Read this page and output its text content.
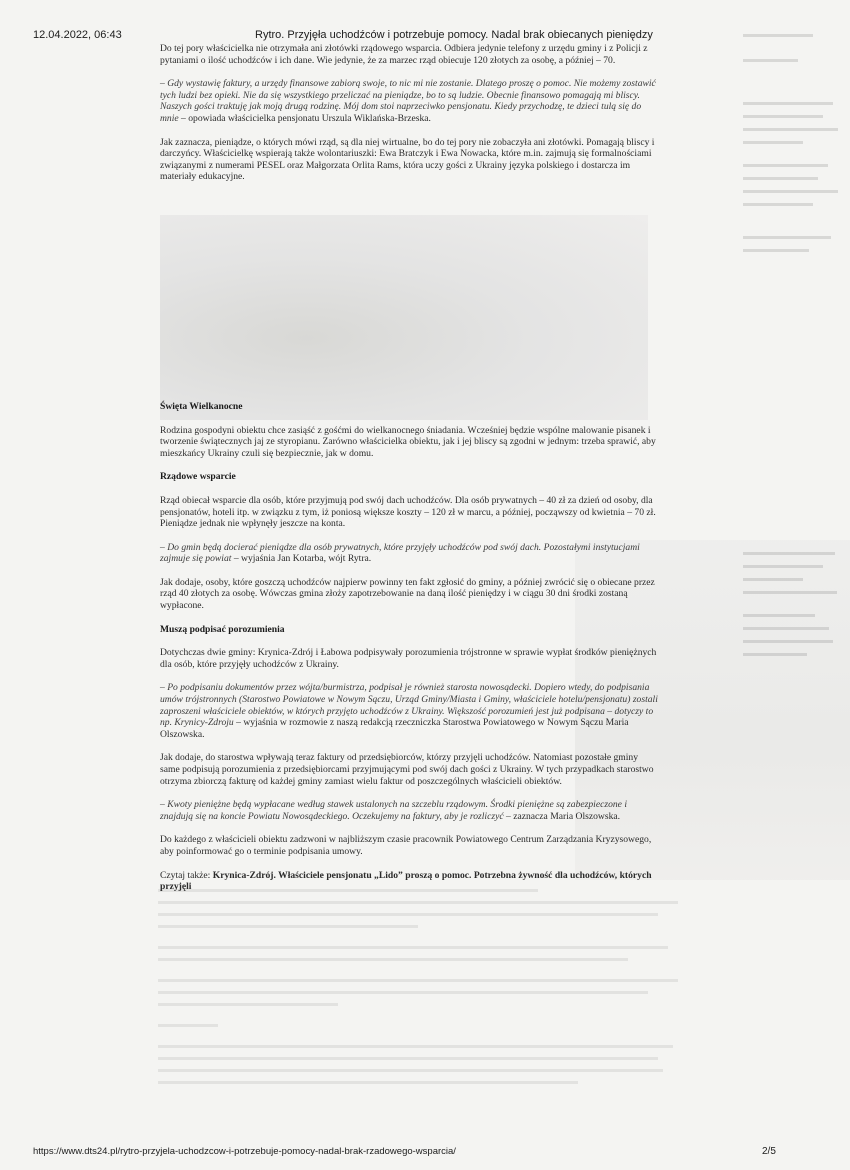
12.04.2022, 06:43	Rytro. Przyjęła uchodźców i potrzebuje pomocy. Nadal brak obiecanych pieniędzy

Do tej pory właścicielka nie otrzymała ani złotówki rządowego wsparcia. Odbiera jedynie telefony z urzędu gminy i z Policji z pytaniami o ilość uchodźców i ich dane. Wie jedynie, że za marzec rząd obiecuje 120 złotych za osobę, a później – 70.

– Gdy wystawię faktury, a urzędy finansowe zabiorą swoje, to nic mi nie zostanie. Dlatego proszę o pomoc. Nie możemy zostawić tych ludzi bez opieki. Nie da się wszystkiego przeliczać na pieniądze, bo to są ludzie. Obecnie finansowo pomagają mi bliscy. Naszych gości traktuję jak moją drugą rodzinę. Mój dom stoi naprzeciwko pensjonatu. Kiedy przychodzę, te dzieci tulą się do mnie – opowiada właścicielka pensjonatu Urszula Wiklańska-Brzeska.

Jak zaznacza, pieniądze, o których mówi rząd, są dla niej wirtualne, bo do tej pory nie zobaczyła ani złotówki. Pomagają bliscy i darczyńcy. Właścicielkę wspierają także wolontariuszki: Ewa Bratczyk i Ewa Nowacka, które m.in. zajmują się formalnościami związanymi z numerami PESEL oraz Małgorzata Orlita Rams, która uczy gości z Ukrainy języka polskiego i dostarcza im materiały edukacyjne.

Święta Wielkanocne

Rodzina gospodyni obiektu chce zasiąść z gośćmi do wielkanocnego śniadania. Wcześniej będzie wspólne malowanie pisanek i tworzenie świątecznych jaj ze styropianu. Zarówno właścicielka obiektu, jak i jej bliscy są zgodni w jednym: trzeba sprawić, aby mieszkańcy Ukrainy czuli się bezpiecznie, jak w domu.

Rządowe wsparcie

Rząd obiecał wsparcie dla osób, które przyjmują pod swój dach uchodźców. Dla osób prywatnych – 40 zł za dzień od osoby, dla pensjonatów, hoteli itp. w związku z tym, iż poniosą większe koszty – 120 zł w marcu, a później, począwszy od kwietnia – 70 zł. Pieniądze jednak nie wpłynęły jeszcze na konta.

– Do gmin będą docierać pieniądze dla osób prywatnych, które przyjęły uchodźców pod swój dach. Pozostałymi instytucjami zajmuje się powiat – wyjaśnia Jan Kotarba, wójt Rytra.

Jak dodaje, osoby, które goszczą uchodźców najpierw powinny ten fakt zgłosić do gminy, a później zwrócić się o obiecane przez rząd 40 złotych za osobę. Wówczas gmina złoży zapotrzebowanie na daną ilość pieniędzy i w ciągu 30 dni środki zostaną wypłacone.

Muszą podpisać porozumienia

Dotychczas dwie gminy: Krynica-Zdrój i Łabowa podpisywały porozumienia trójstronne w sprawie wypłat środków pieniężnych dla osób, które przyjęły uchodźców z Ukrainy.

– Po podpisaniu dokumentów przez wójta/burmistrza, podpisał je również starosta nowosądecki. Dopiero wtedy, do podpisania umów trójstronnych (Starostwo Powiatowe w Nowym Sączu, Urząd Gminy/Miasta i Gminy, właściciele hotelu/pensjonatu) zostali zaproszeni właściciele obiektów, w których przyjęto uchodźców z Ukrainy. Większość porozumień jest już podpisana – dotyczy to np. Krynicy-Zdroju – wyjaśnia w rozmowie z naszą redakcją rzeczniczka Starostwa Powiatowego w Nowym Sączu Maria Olszowska.

Jak dodaje, do starostwa wpływają teraz faktury od przedsiębiorców, którzy przyjęli uchodźców. Natomiast pozostałe gminy same podpisują porozumienia z przedsiębiorcami przyjmującymi pod swój dach gości z Ukrainy. W tych przypadkach starostwo otrzyma zbiorczą fakturę od każdej gminy zamiast wielu faktur od poszczególnych właścicieli obiektów.

– Kwoty pieniężne będą wypłacane według stawek ustalonych na szczeblu rządowym. Środki pieniężne są zabezpieczone i znajdują się na koncie Powiatu Nowosądeckiego. Oczekujemy na faktury, aby je rozliczyć – zaznacza Maria Olszowska.

Do każdego z właścicieli obiektu zadzwoni w najbliższym czasie pracownik Powiatowego Centrum Zarządzania Kryzysowego, aby poinformować go o terminie podpisania umowy.

Czytaj także: Krynica-Zdrój. Właściciele pensjonatu „Lido” proszą o pomoc. Potrzebna żywność dla uchodźców, których przyjęli

https://www.dts24.pl/rytro-przyjela-uchodzcow-i-potrzebuje-pomocy-nadal-brak-rzadowego-wsparcia/	2/5
